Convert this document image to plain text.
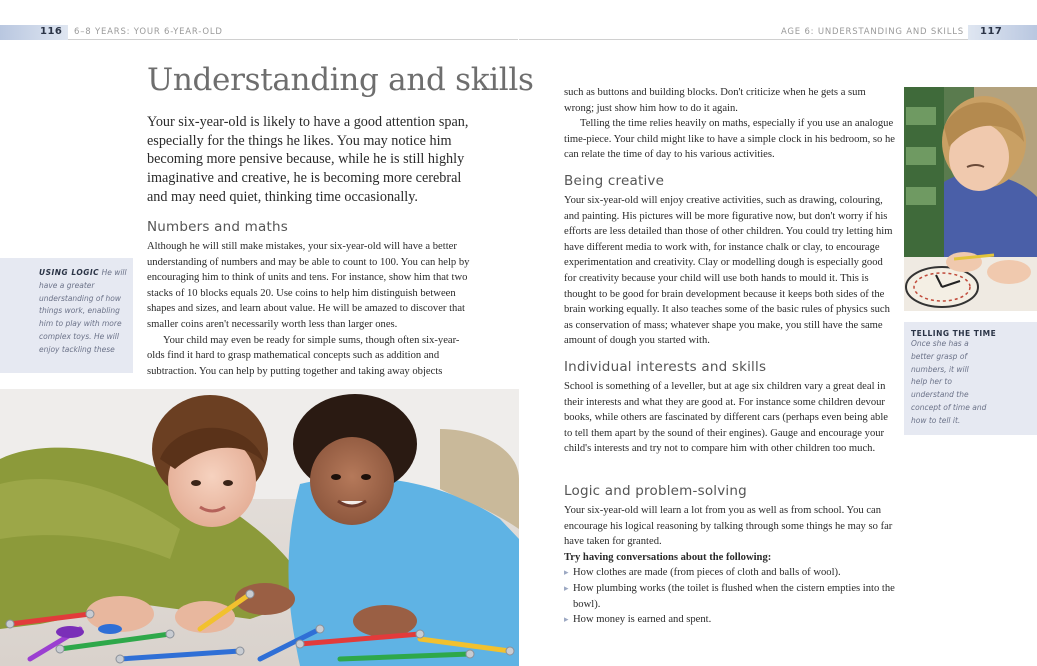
116 6–8 YEARS: YOUR 6-YEAR-OLD	AGE 6: UNDERSTANDING AND SKILLS 117
Understanding and skills

Your six-year-old is likely to have a good attention span, especially for the things he likes. You may notice him becoming more pensive because, while he is still highly imaginative and creative, he is becoming more cerebral and may need quiet, thinking time occasionally.

Numbers and maths

Although he will still make mistakes, your six-year-old will have a better understanding of numbers and may be able to count to 100. You can help by encouraging him to think of units and tens. For instance, show him that two stacks of 10 blocks equals 20. Use coins to help him distinguish between shapes and sizes, and learn about value. He will be amazed to discover that smaller coins aren't necessarily worth less than larger ones.

Your child may even be ready for simple sums, though often six-year-olds find it hard to grasp mathematical concepts such as addition and subtraction. You can help by putting together and taking away objects

USING LOGIC He will have a greater understanding of how things work, enabling him to play with more complex toys. He will enjoy tackling these

such as buttons and building blocks. Don't criticize when he gets a sum wrong; just show him how to do it again.

Telling the time relies heavily on maths, especially if you use an analogue time-piece. Your child might like to have a simple clock in his bedroom, so he can relate the time of day to his various activities.

Being creative

Your six-year-old will enjoy creative activities, such as drawing, colouring, and painting. His pictures will be more figurative now, but don't worry if his efforts are less detailed than those of other children. You could try letting him have different media to work with, for instance chalk or clay, to encourage experimentation and creativity. Clay or modelling dough is especially good for creativity because your child will use both hands to mould it. This is thought to be good for brain development because it keeps both sides of the brain working equally. It also teaches some of the basic rules of physics such as conservation of mass; whatever shape you make, you still have the same amount of dough you started with.

Individual interests and skills

School is something of a leveller, but at age six children vary a great deal in their interests and what they are good at. For instance some children devour books, while others are fascinated by different cars (perhaps even being able to tell them apart by the sound of their engines). Gauge and encourage your child's interests and try not to compare him with other children too much.

Logic and problem-solving

Your six-year-old will learn a lot from you as well as from school. You can encourage his logical reasoning by talking through some things he may so far have taken for granted.

Try having conversations about the following:

▸ How clothes are made (from pieces of cloth and balls of wool).
▸ How plumbing works (the toilet is flushed when the cistern empties into the bowl).
▸ How money is earned and spent.
TELLING THE TIME
Once she has a better grasp of numbers, it will help her to understand the concept of time and how to tell it.
